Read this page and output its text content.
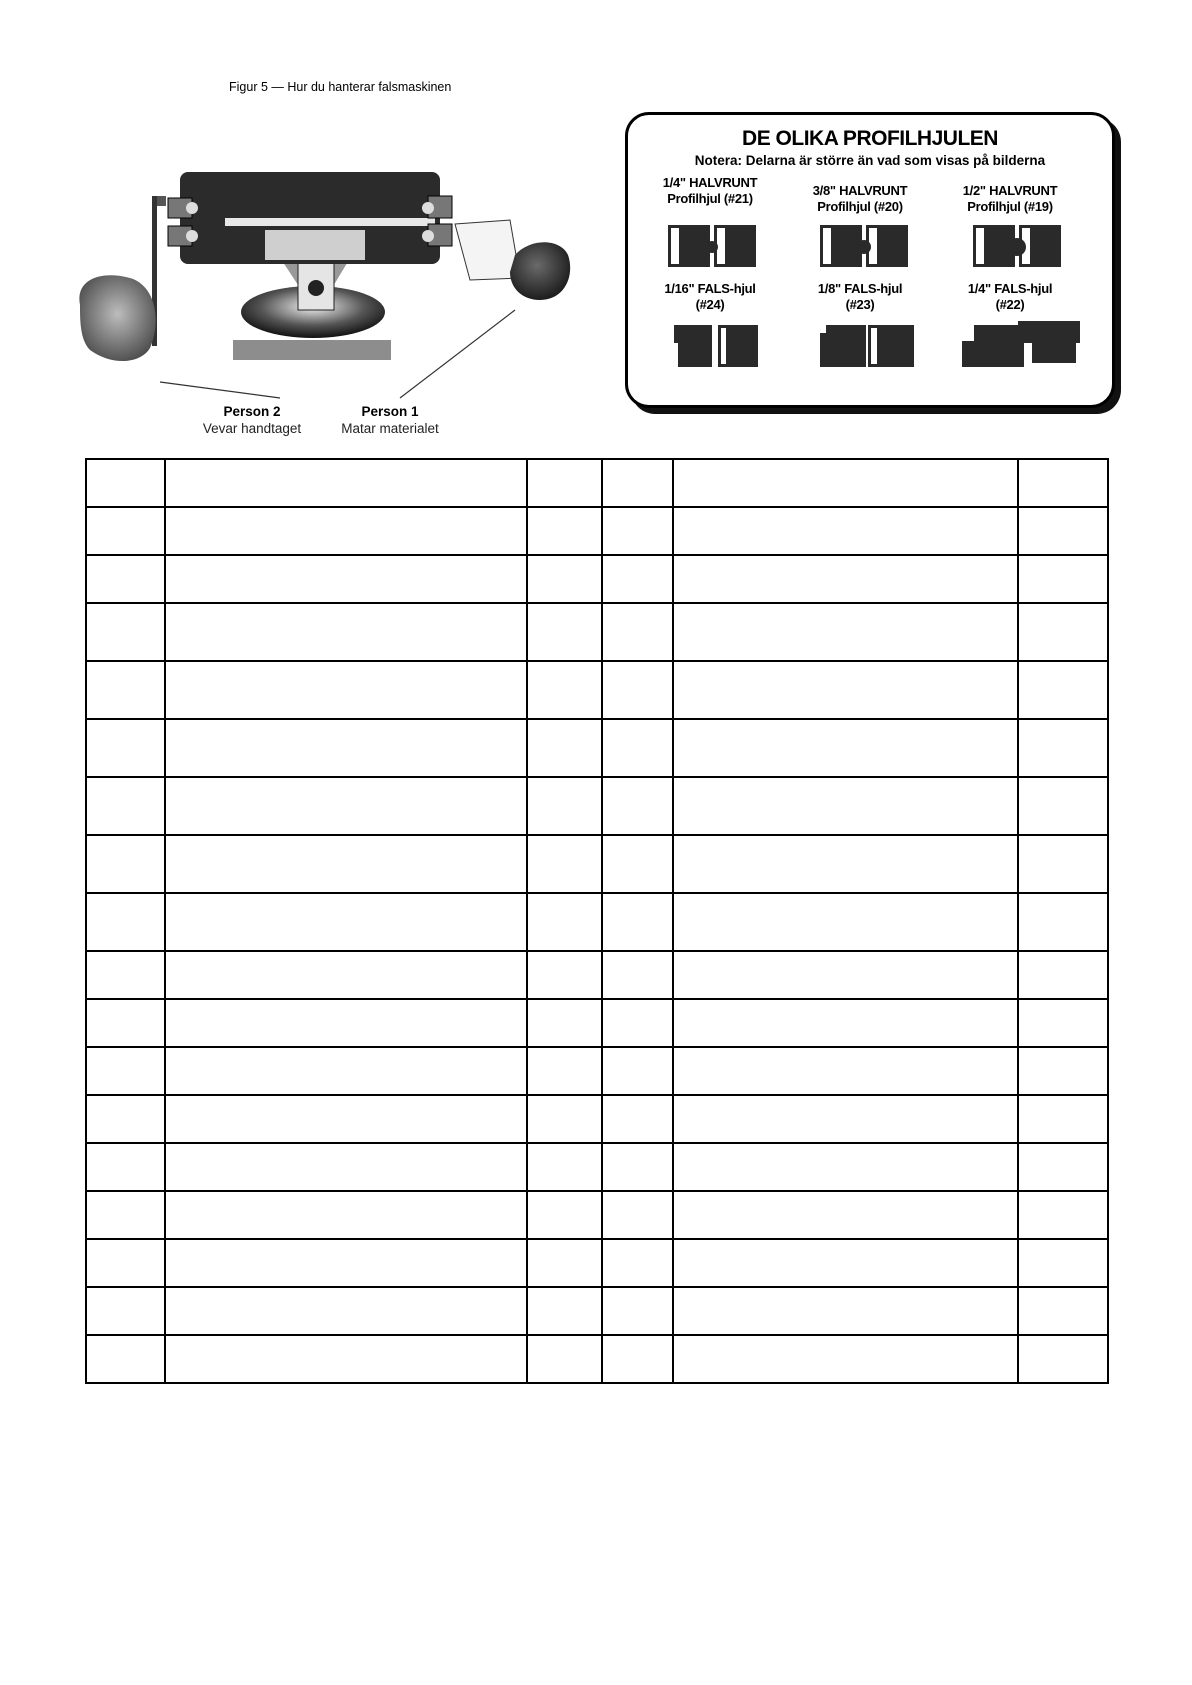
Figur 5 — Hur du hanterar falsmaskinen
Person 2
Vevar handtaget
Person 1
Matar materialet
DE OLIKA PROFILHJULEN
Notera: Delarna är större än vad som visas på bilderna
1/4" HALVRUNT
Profilhjul (#21)
3/8" HALVRUNT
Profilhjul (#20)
1/2" HALVRUNT
Profilhjul (#19)
1/16" FALS-hjul
(#24)
1/8" FALS-hjul
(#23)
1/4" FALS-hjul
(#22)
